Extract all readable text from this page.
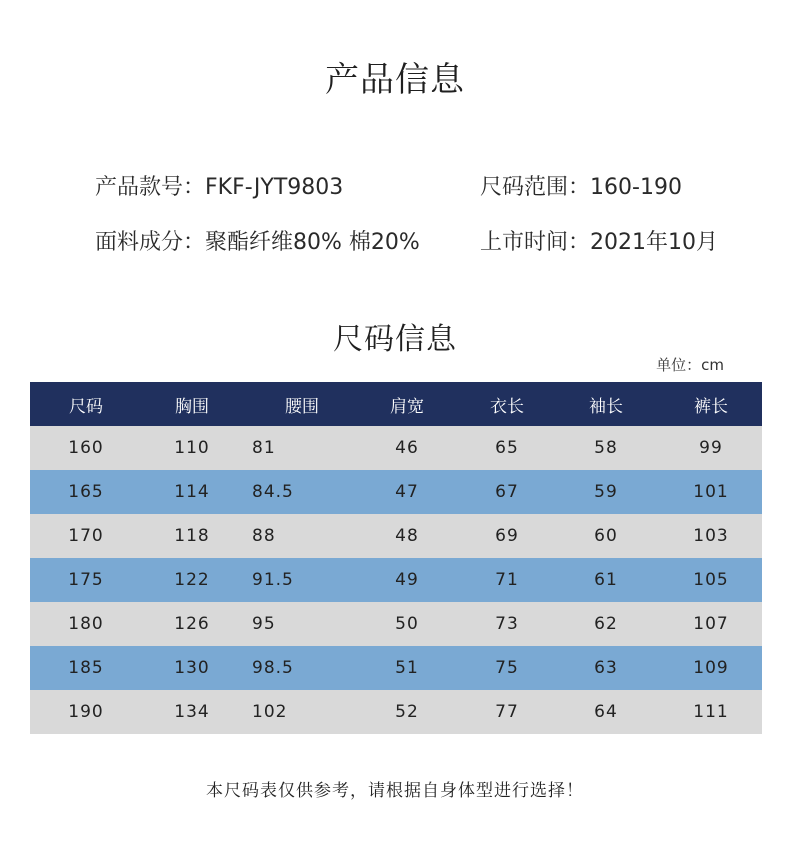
产品信息
产品款号：FKF-JYT9803	尺码范围：160-190
面料成分：聚酯纤维80% 棉20%	上市时间：2021年10月
尺码信息
单位：cm
尺码	胸围	腰围	肩宽	衣长	袖长	裤长
160	110	81	46	65	58	99
165	114	84.5	47	67	59	101
170	118	88	48	69	60	103
175	122	91.5	49	71	61	105
180	126	95	50	73	62	107
185	130	98.5	51	75	63	109
190	134	102	52	77	64	111
本尺码表仅供参考，请根据自身体型进行选择！
